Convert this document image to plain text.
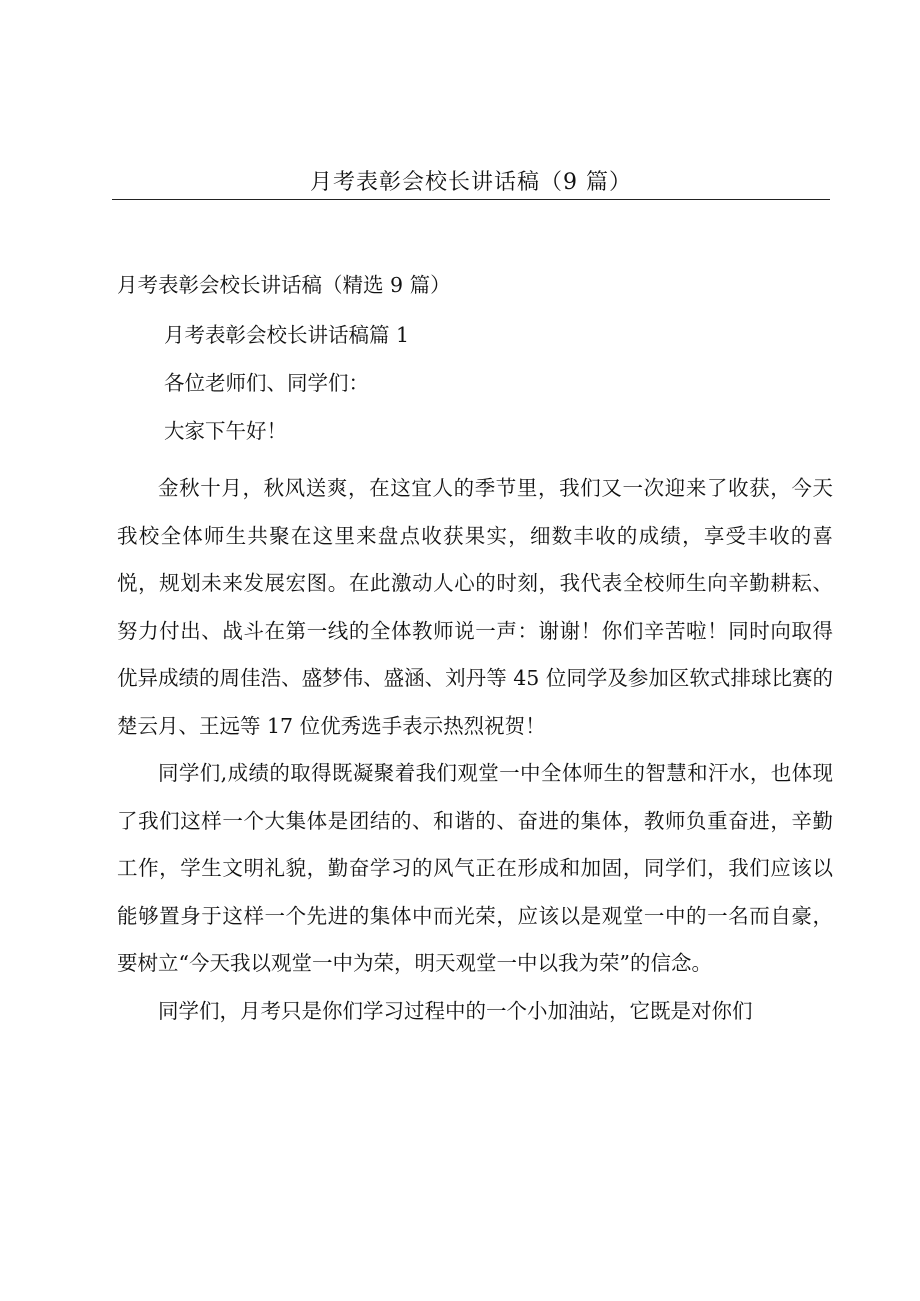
月考表彰会校长讲话稿（9 篇）
月考表彰会校长讲话稿（精选 9 篇）
月考表彰会校长讲话稿篇 1
各位老师们、同学们：
大家下午好！

金秋十月，秋风送爽，在这宜人的季节里，我们又一次迎来了收获，今天我校全体师生共聚在这里来盘点收获果实，细数丰收的成绩，享受丰收的喜悦，规划未来发展宏图。在此激动人心的时刻，我代表全校师生向辛勤耕耘、努力付出、战斗在第一线的全体教师说一声：谢谢！你们辛苦啦！同时向取得优异成绩的周佳浩、盛梦伟、盛涵、刘丹等 45 位同学及参加区软式排球比赛的楚云月、王远等 17 位优秀选手表示热烈祝贺！

同学们,成绩的取得既凝聚着我们观堂一中全体师生的智慧和汗水，也体现了我们这样一个大集体是团结的、和谐的、奋进的集体，教师负重奋进，辛勤工作，学生文明礼貌，勤奋学习的风气正在形成和加固，同学们，我们应该以能够置身于这样一个先进的集体中而光荣，应该以是观堂一中的一名而自豪，要树立“今天我以观堂一中为荣，明天观堂一中以我为荣”的信念。

同学们，月考只是你们学习过程中的一个小加油站，它既是对你们
